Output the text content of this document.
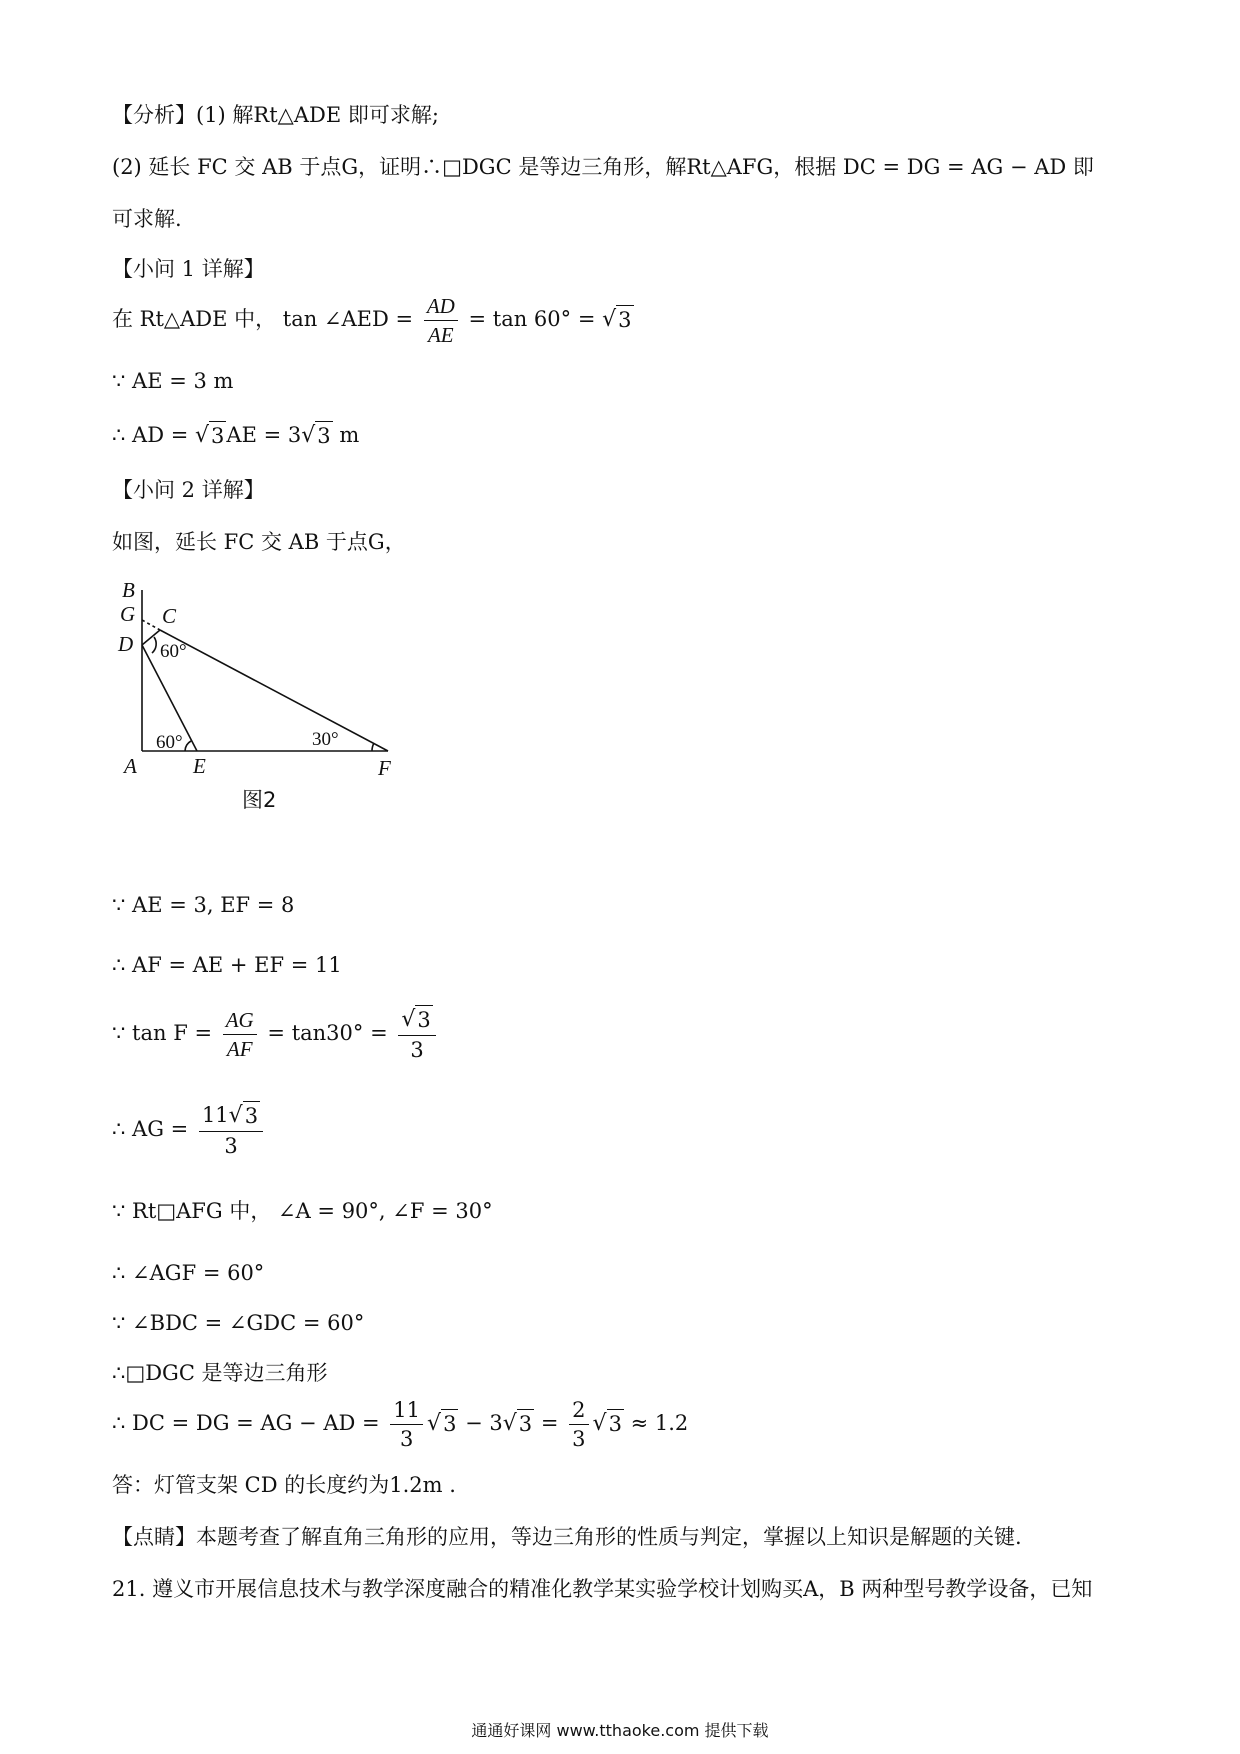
【分析】(1) 解Rt△ADE 即可求解;
(2) 延长 FC 交 AB 于点G，证明∴□DGC 是等边三角形，解Rt△AFG，根据 DC = DG = AG − AD 即
可求解.
【小问 1 详解】
在 Rt△ADE 中， tan ∠AED = $\frac{AD}{AE} = \tan 60^\circ$ = √ 3
∵ AE = 3 m
∴ AD = √ 3 AE = 3 √ 3 m
【小问 2 详解】
如图，延长 FC 交 AB 于点G，
B
G C
D
A	E	F
60°
60°	30°
图2
∵ AE = 3, EF = 8
∴ AF = AE + EF = 11
∵ $\tan F = \frac{AG}{AF} = \tan 30^\circ = \frac{√ 3}{3}$
∴ AG = $\frac{11 √ 3}{3}$
∵ Rt□AFG 中， ∠A = 90°, ∠F = 30°
∴ ∠AGF = 60°
∵ ∠BDC = ∠GDC = 60°
∴□DGC 是等边三角形
∴ DC = DG = AG − AD = $\frac{11}{3}$ √ 3 − 3 √ $3 = \frac{2}{3}$ √ 3 ≈ 1.2
答：灯管支架 CD 的长度约为1.2m .
【点睛】本题考查了解直角三角形的应用，等边三角形的性质与判定，掌握以上知识是解题的关键.
21. 遵义市开展信息技术与教学深度融合的精准化教学某实验学校计划购买A，B 两种型号教学设备，已知
通通好课网 www.tthaoke.com 提供下载
